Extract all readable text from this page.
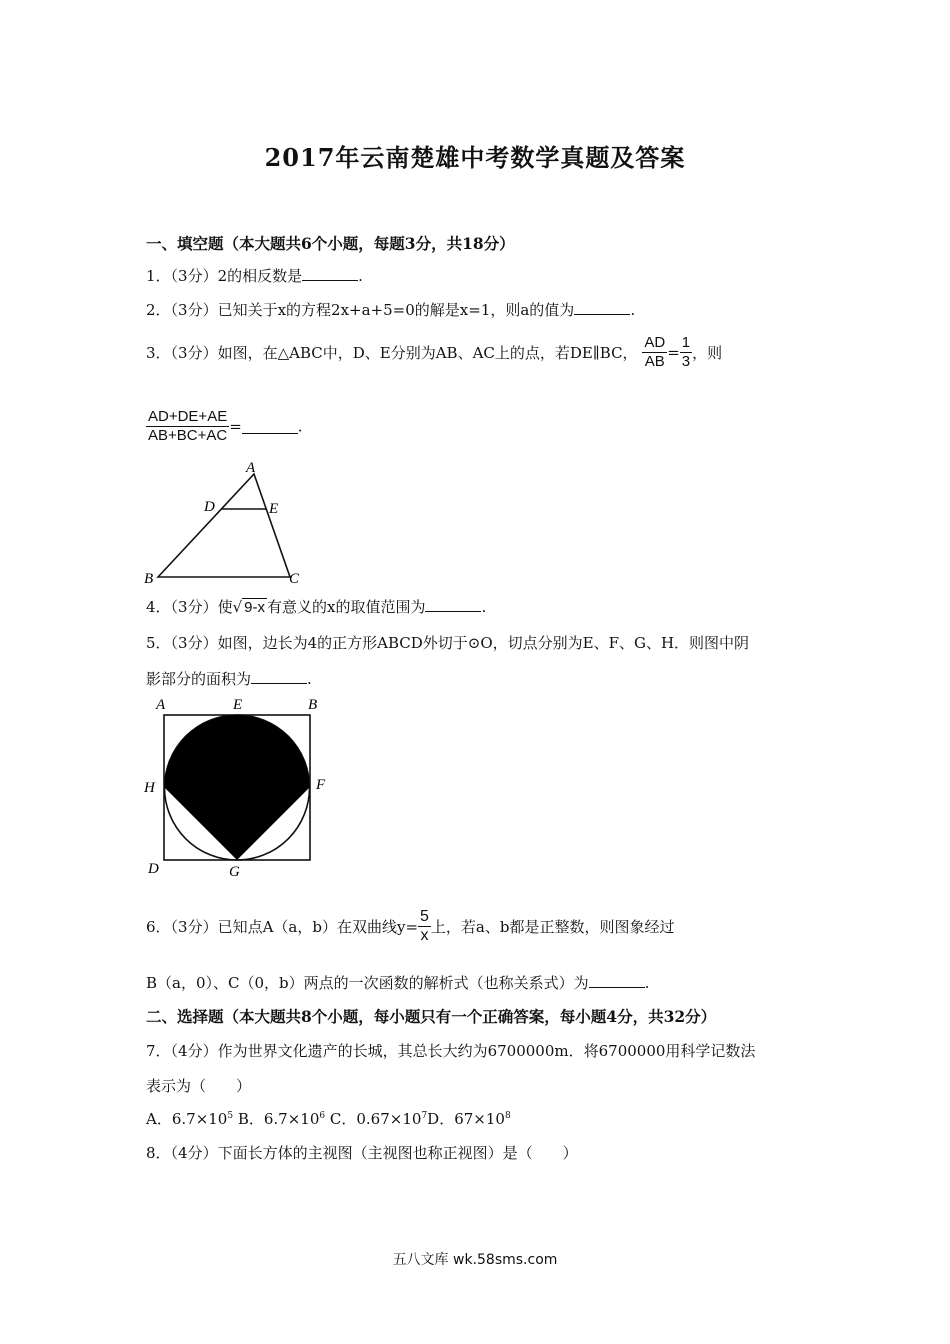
2017年云南楚雄中考数学真题及答案
一、填空题（本大题共6个小题，每题3分，共18分）
1．（3分）2的相反数是	.
2．（3分）已知关于x的方程2x+a+5=0的解是x=1，则a的值为	.
3．（3分）如图，在△ABC中，D、E分别为AB、AC上的点，若DE∥BC， $\frac{AD}{AB} = \frac{1}{3}$ ，则
$\frac{AD+DE+AE}{AB+BC+AC}$ =	.
A
B	C
D	E
4．（3分）使√ 9-x 有意义的x的取值范围为	.
5．（3分）如图，边长为4的正方形ABCD外切于⊙O，切点分别为E、F、G、H．则图中阴
影部分的面积为	.
A	E	B
H	F
D	G
6．（3分）已知点A（a，b）在双曲线$y= \frac{5}{x}$ 上，若a、b都是正整数，则图象经过
B（a，0）、C（0，b）两点的一次函数的解析式（也称关系式）为	.
二、选择题（本大题共8个小题，每小题只有一个正确答案，每小题4分，共32分）
7．（4分）作为世界文化遗产的长城，其总长大约为6700000m．将6700000用科学记数法
表示为（　　）
A．$6.7\times 10^5$ B．$6.7\times 10^6$ C．$0.67\times 10^7D$．$67\times 10^8$
8．（4分）下面长方体的主视图（主视图也称正视图）是（　　）
五八文库 wk.58sms.com
